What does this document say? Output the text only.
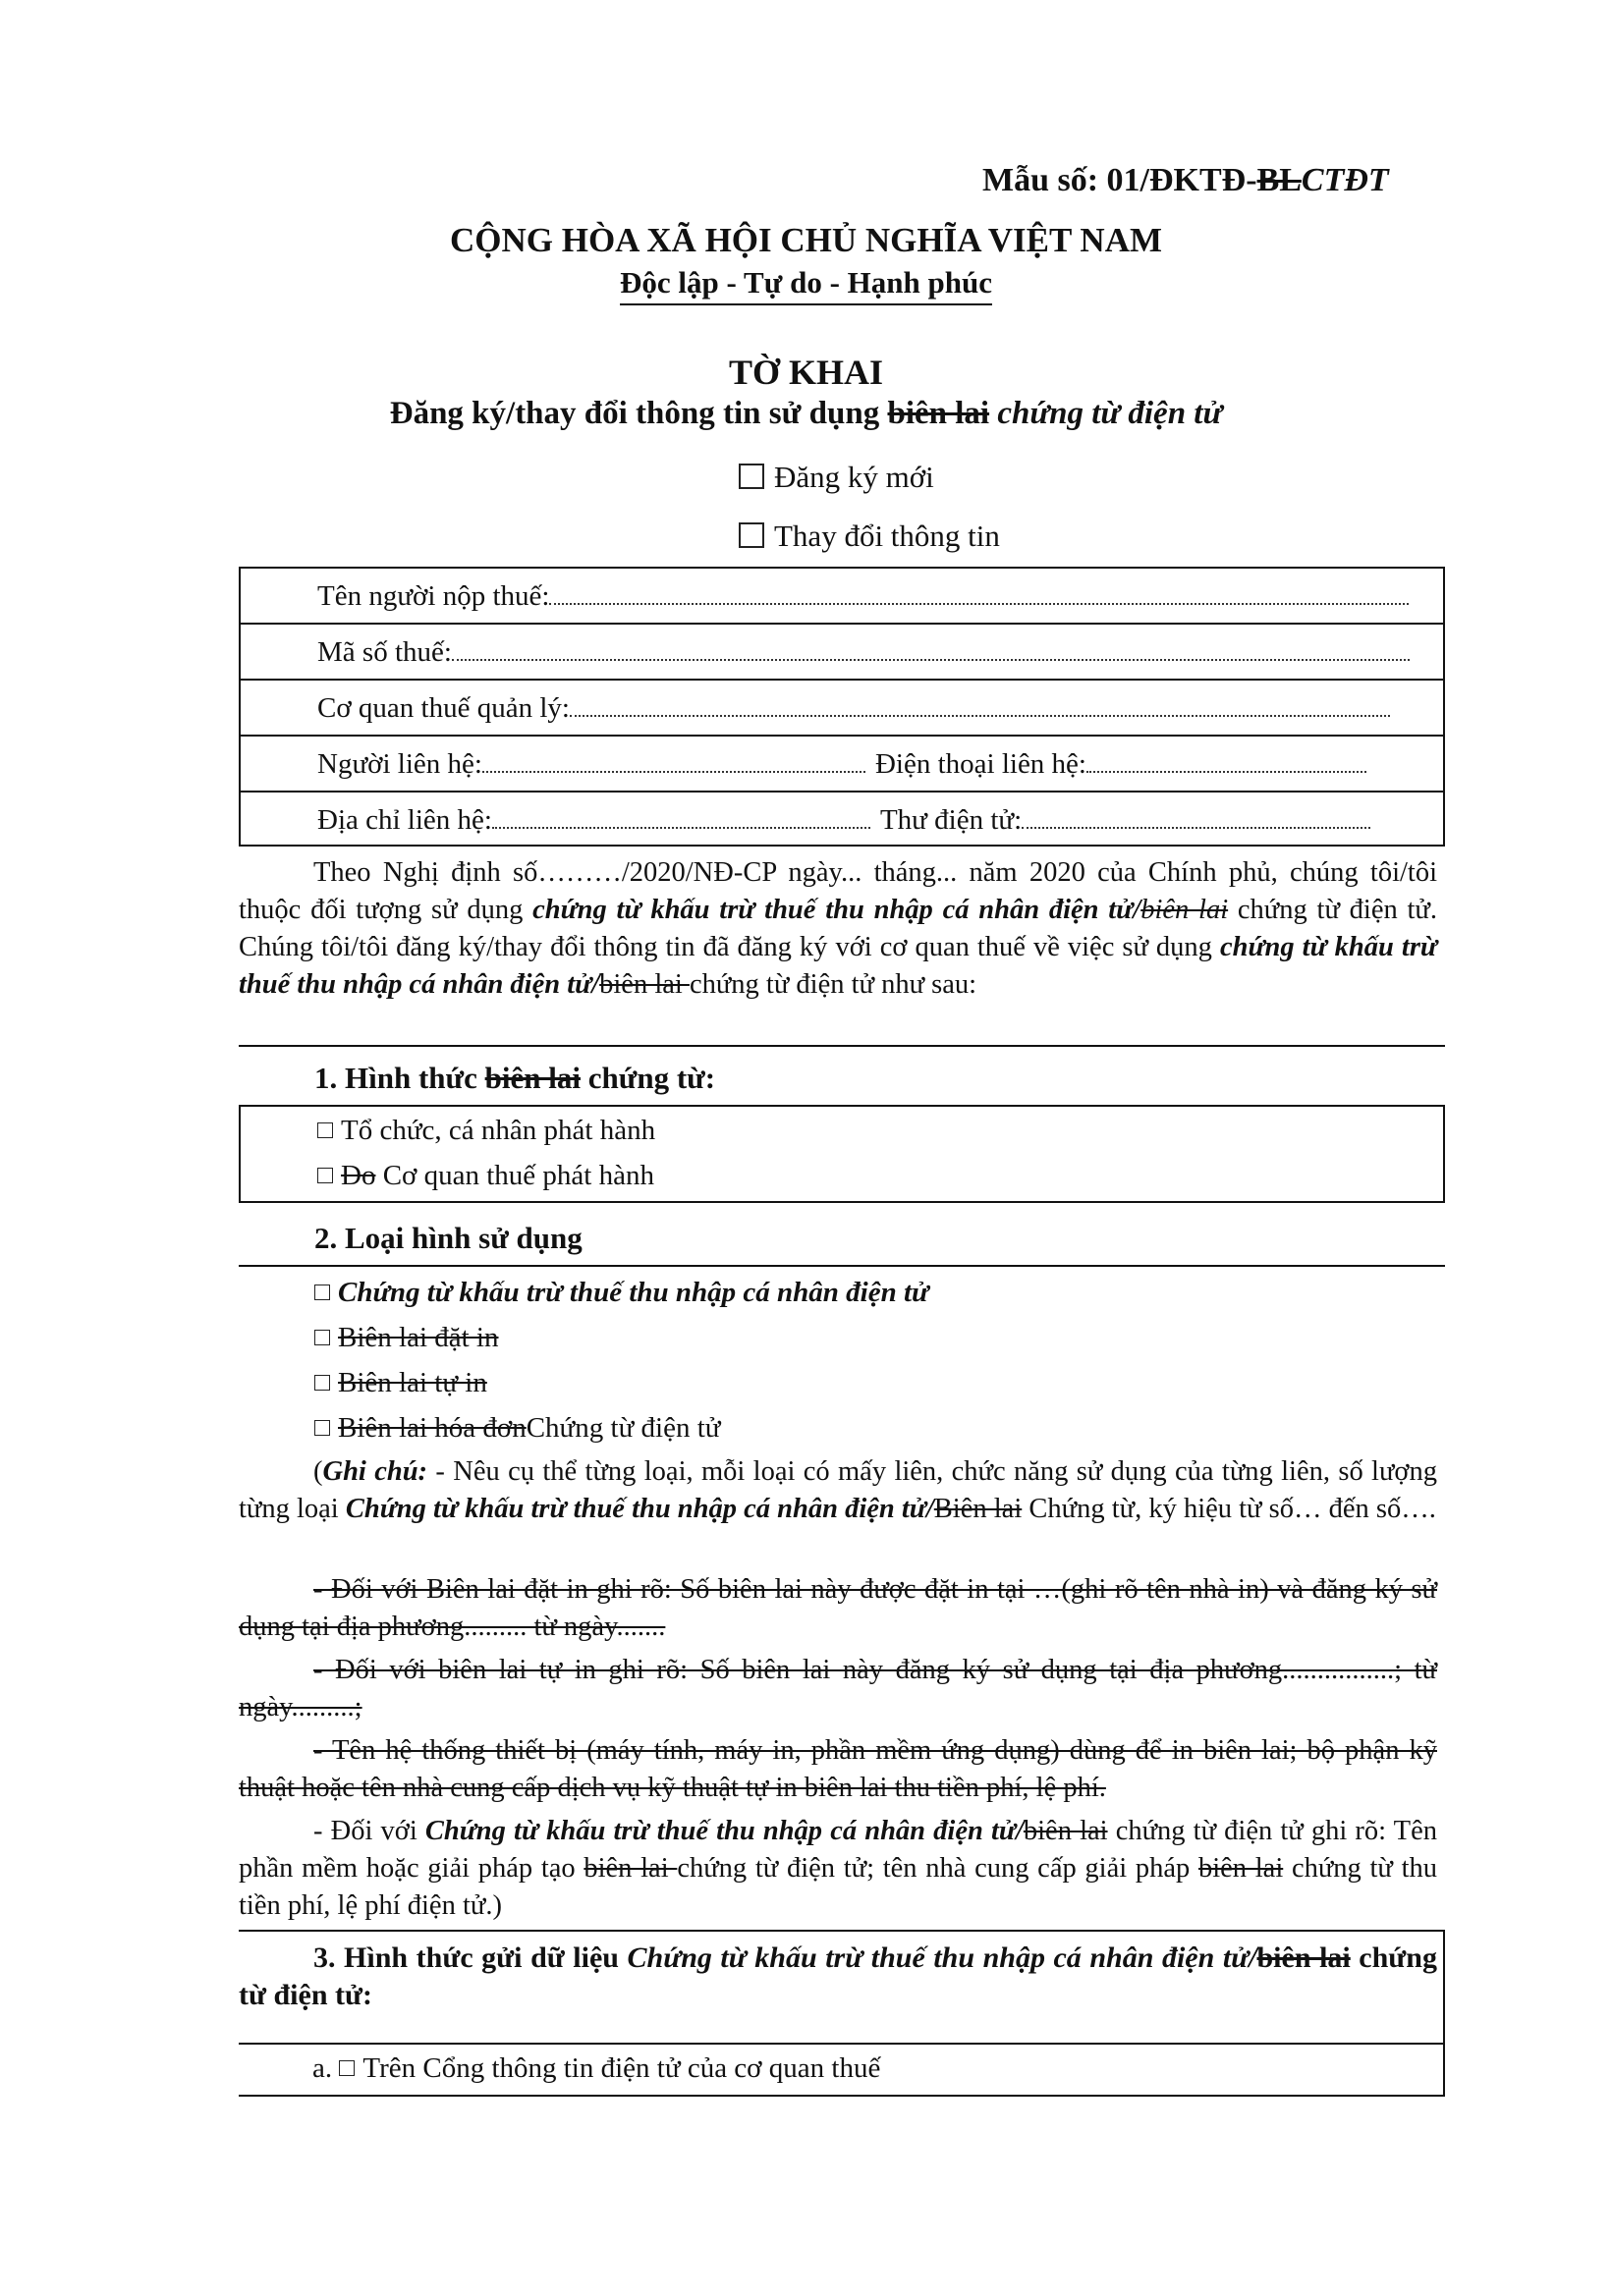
Mẫu số: 01/ĐKTĐ-BLCTĐT
CỘNG HÒA XÃ HỘI CHỦ NGHĨA VIỆT NAM
Độc lập - Tự do - Hạnh phúc
TỜ KHAI
Đăng ký/thay đổi thông tin sử dụng biên lai chứng từ điện tử
Đăng ký mới
Thay đổi thông tin
Tên người nộp thuế:
Mã số thuế:
Cơ quan thuế quản lý:
Người liên hệ:	Điện thoại liên hệ:
Địa chỉ liên hệ:	Thư điện tử:
Theo Nghị định số………/2020/NĐ-CP ngày... tháng... năm 2020 của Chính phủ, chúng tôi/tôi thuộc đối tượng sử dụng chứng từ khấu trừ thuế thu nhập cá nhân điện tử/biên lai chứng từ điện tử. Chúng tôi/tôi đăng ký/thay đổi thông tin đã đăng ký với cơ quan thuế về việc sử dụng chứng từ khấu trừ thuế thu nhập cá nhân điện tử/biên lai chứng từ điện tử như sau:
1. Hình thức biên lai chứng từ:
Tổ chức, cá nhân phát hành
Do Cơ quan thuế phát hành
2. Loại hình sử dụng
Chứng từ khấu trừ thuế thu nhập cá nhân điện tử
Biên lai đặt in
Biên lai tự in
Biên lai hóa đơnChứng từ điện tử
(Ghi chú: - Nêu cụ thể từng loại, mỗi loại có mấy liên, chức năng sử dụng của từng liên, số lượng từng loại Chứng từ khấu trừ thuế thu nhập cá nhân điện tử/Biên lai Chứng từ, ký hiệu từ số… đến số….
- Đối với Biên lai đặt in ghi rõ: Số biên lai này được đặt in tại …(ghi rõ tên nhà in) và đăng ký sử dụng tại địa phương......... từ ngày.......
- Đối với biên lai tự in ghi rõ: Số biên lai này đăng ký sử dụng tại địa phương................; từ ngày.........;
- Tên hệ thống thiết bị (máy tính, máy in, phần mềm ứng dụng) dùng để in biên lai; bộ phận kỹ thuật hoặc tên nhà cung cấp dịch vụ kỹ thuật tự in biên lai thu tiền phí, lệ phí.
- Đối với Chứng từ khấu trừ thuế thu nhập cá nhân điện tử/biên lai chứng từ điện tử ghi rõ: Tên phần mềm hoặc giải pháp tạo biên lai chứng từ điện tử; tên nhà cung cấp giải pháp biên lai chứng từ thu tiền phí, lệ phí điện tử.)
3. Hình thức gửi dữ liệu Chứng từ khấu trừ thuế thu nhập cá nhân điện tử/biên lai chứng từ điện tử:
a. Trên Cổng thông tin điện tử của cơ quan thuế
